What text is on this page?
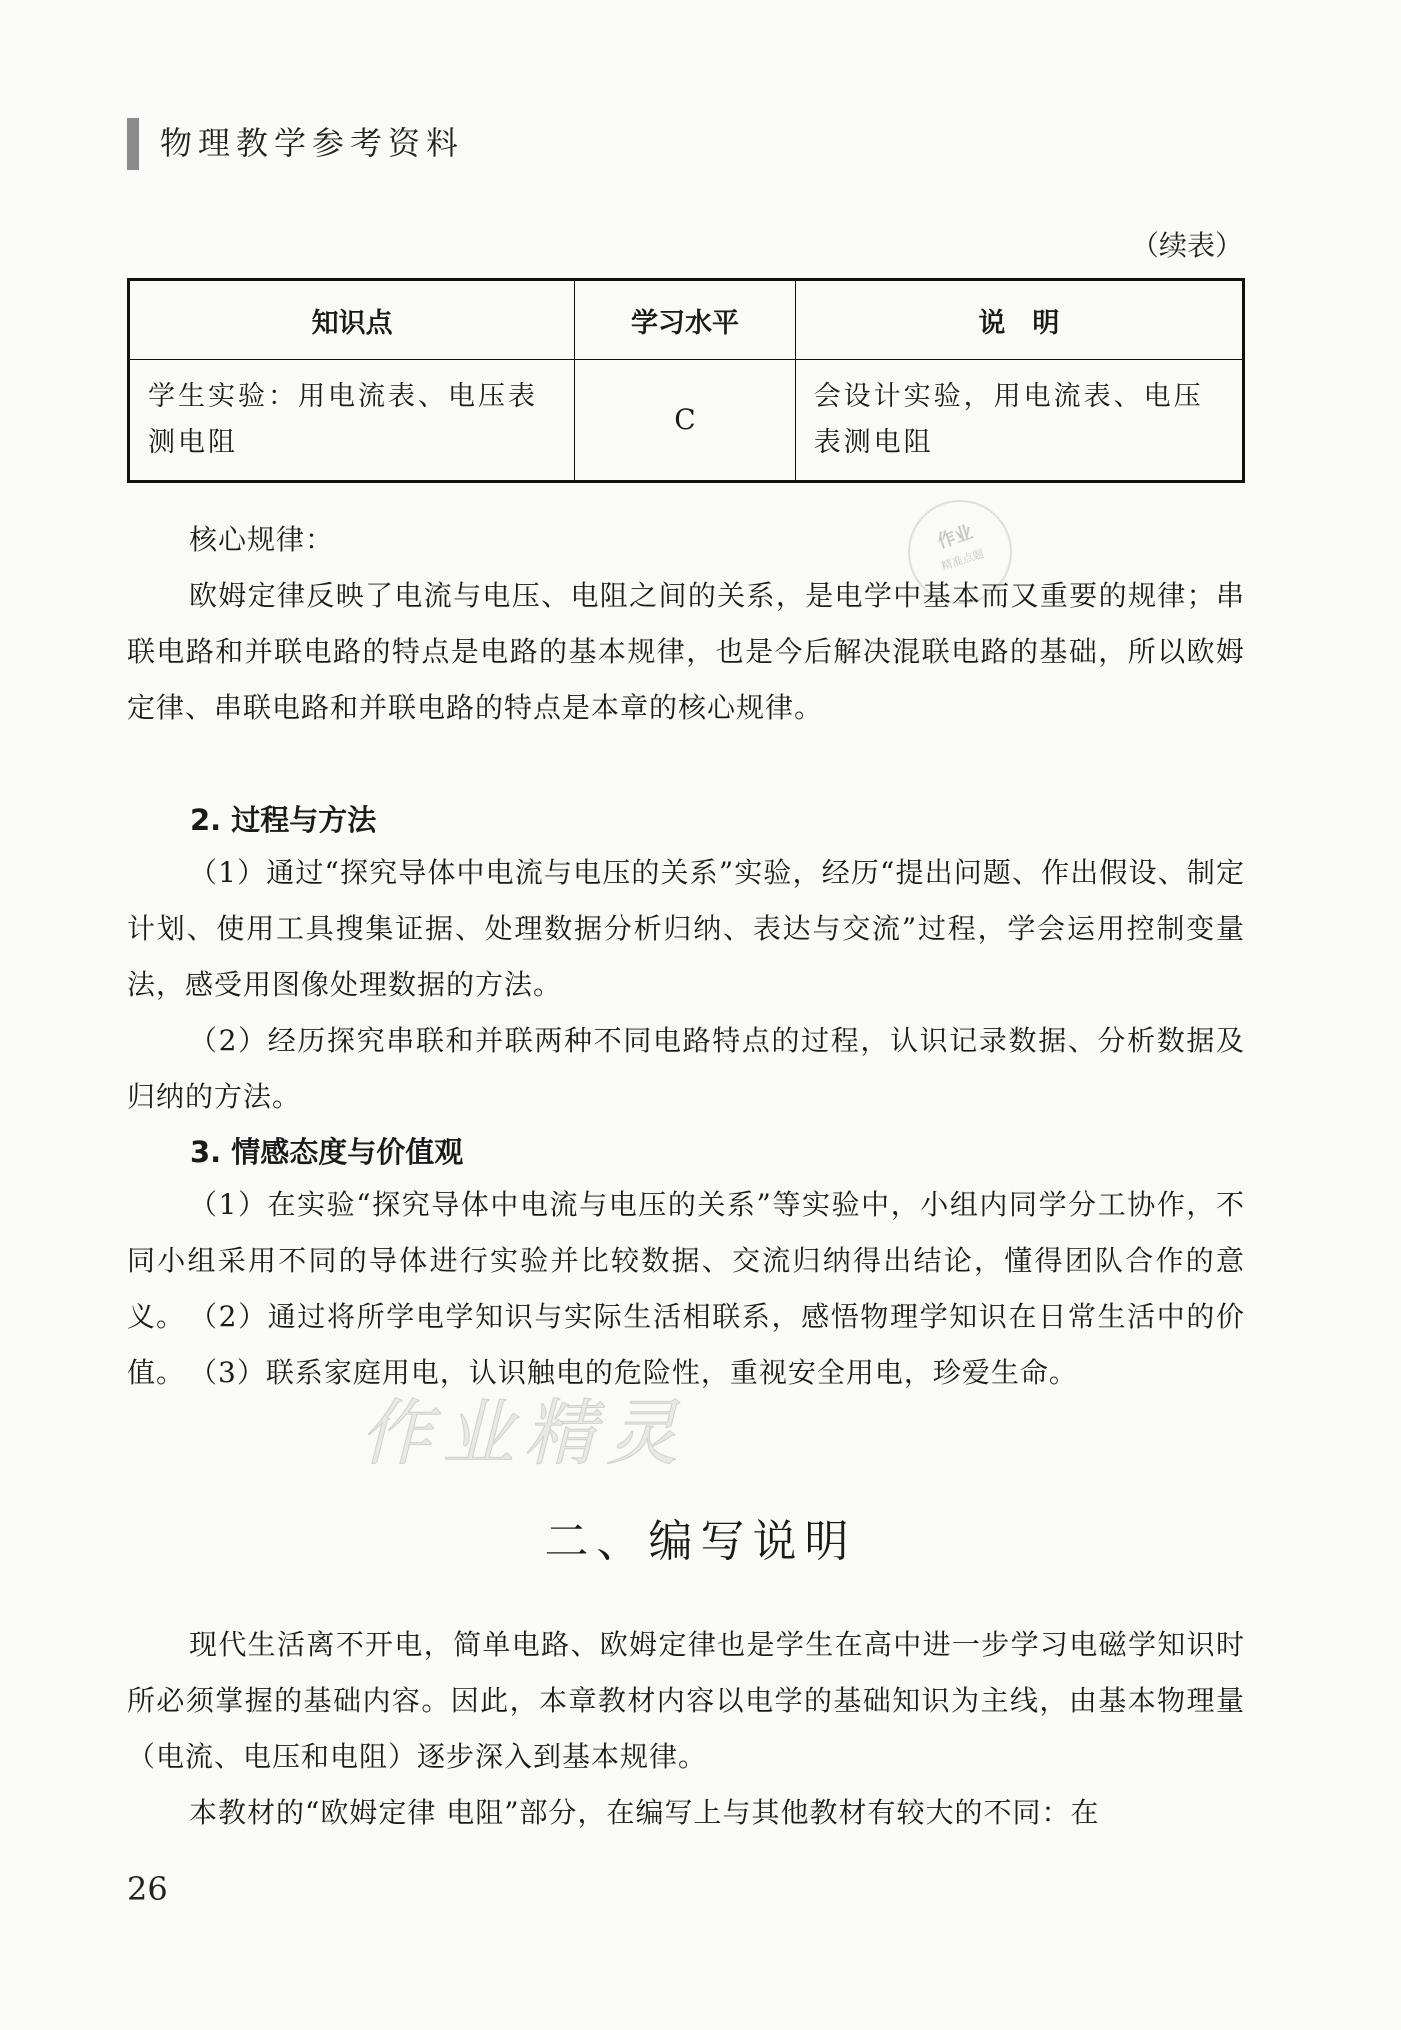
物理教学参考资料
（续表）
知识点	学习水平	说　明
学生实验：用电流表、电压表测电阻	C	会设计实验，用电流表、电压表测电阻
作业
精准点题
核心规律：
欧姆定律反映了电流与电压、电阻之间的关系，是电学中基本而又重要的规律；串联电路和并联电路的特点是电路的基本规律，也是今后解决混联电路的基础，所以欧姆定律、串联电路和并联电路的特点是本章的核心规律。
2. 过程与方法
（1）通过“探究导体中电流与电压的关系”实验，经历“提出问题、作出假设、制定计划、使用工具搜集证据、处理数据分析归纳、表达与交流”过程，学会运用控制变量法，感受用图像处理数据的方法。
（2）经历探究串联和并联两种不同电路特点的过程，认识记录数据、分析数据及归纳的方法。
3. 情感态度与价值观
（1）在实验“探究导体中电流与电压的关系”等实验中，小组内同学分工协作，不同小组采用不同的导体进行实验并比较数据、交流归纳得出结论，懂得团队合作的意义。 （2）通过将所学电学知识与实际生活相联系，感悟物理学知识在日常生活中的价值。 （3）联系家庭用电，认识触电的危险性，重视安全用电，珍爱生命。
作业精灵
二、编写说明
现代生活离不开电，简单电路、欧姆定律也是学生在高中进一步学习电磁学知识时所必须掌握的基础内容。因此，本章教材内容以电学的基础知识为主线，由基本物理量（电流、电压和电阻）逐步深入到基本规律。
本教材的“欧姆定律 电阻”部分，在编写上与其他教材有较大的不同：在
26
